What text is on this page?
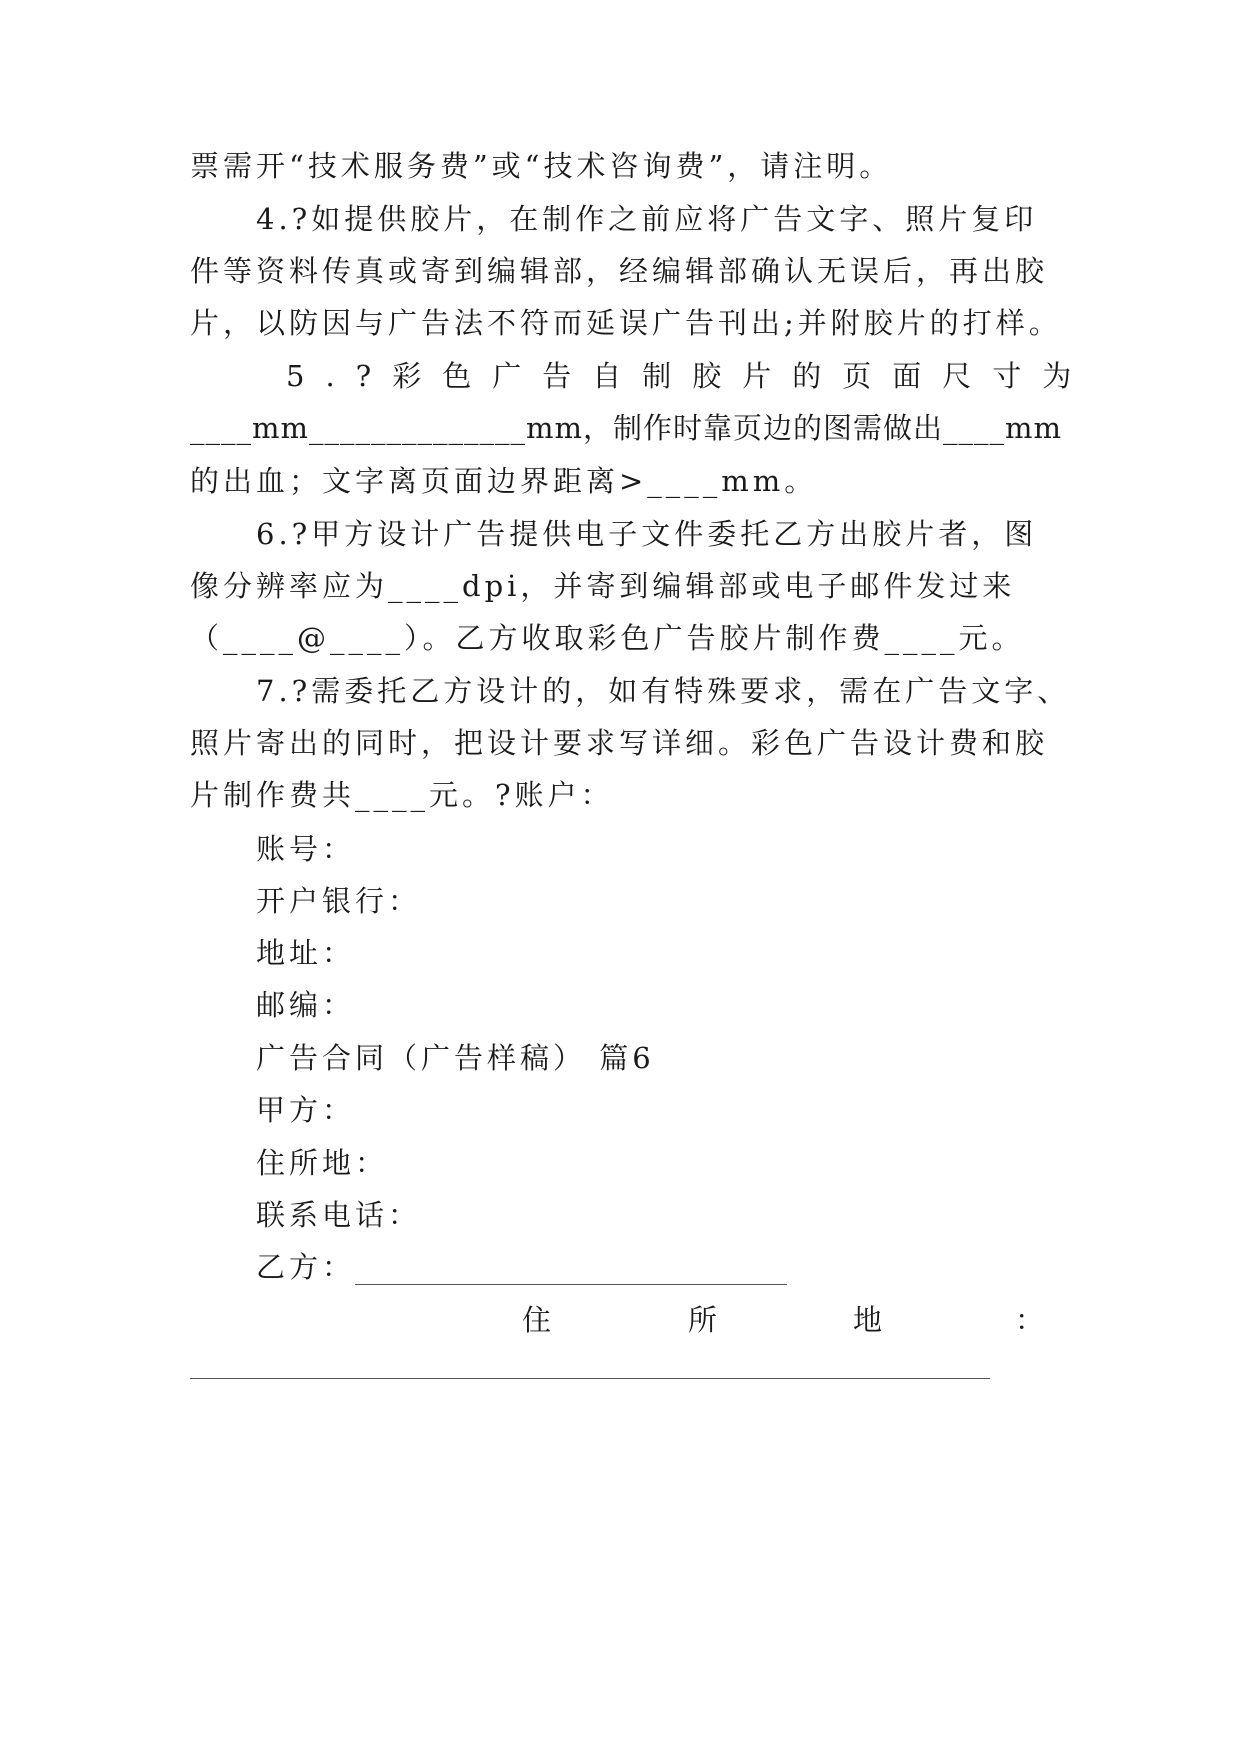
票需开“技术服务费”或“技术咨询费”，请注明。
4.?如提供胶片，在制作之前应将广告文字、照片复印
件等资料传真或寄到编辑部，经编辑部确认无误后，再出胶
片，以防因与广告法不符而延误广告刊出;并附胶片的打样。
5.?彩色广告自制胶片的页面尺寸为
____mm______________mm，制作时靠页边的图需做出____mm
的出血；文字离页面边界距离>____mm。
6.?甲方设计广告提供电子文件委托乙方出胶片者，图
像分辨率应为____dpi，并寄到编辑部或电子邮件发过来
（____@____）。乙方收取彩色广告胶片制作费____元。
7.?需委托乙方设计的，如有特殊要求，需在广告文字、
照片寄出的同时，把设计要求写详细。彩色广告设计费和胶
片制作费共____元。?账户：
账号：
开户银行：
地址：
邮编：
广告合同（广告样稿） 篇6
甲方：
住所地：
联系电话：
乙方：
住	所	地	：
